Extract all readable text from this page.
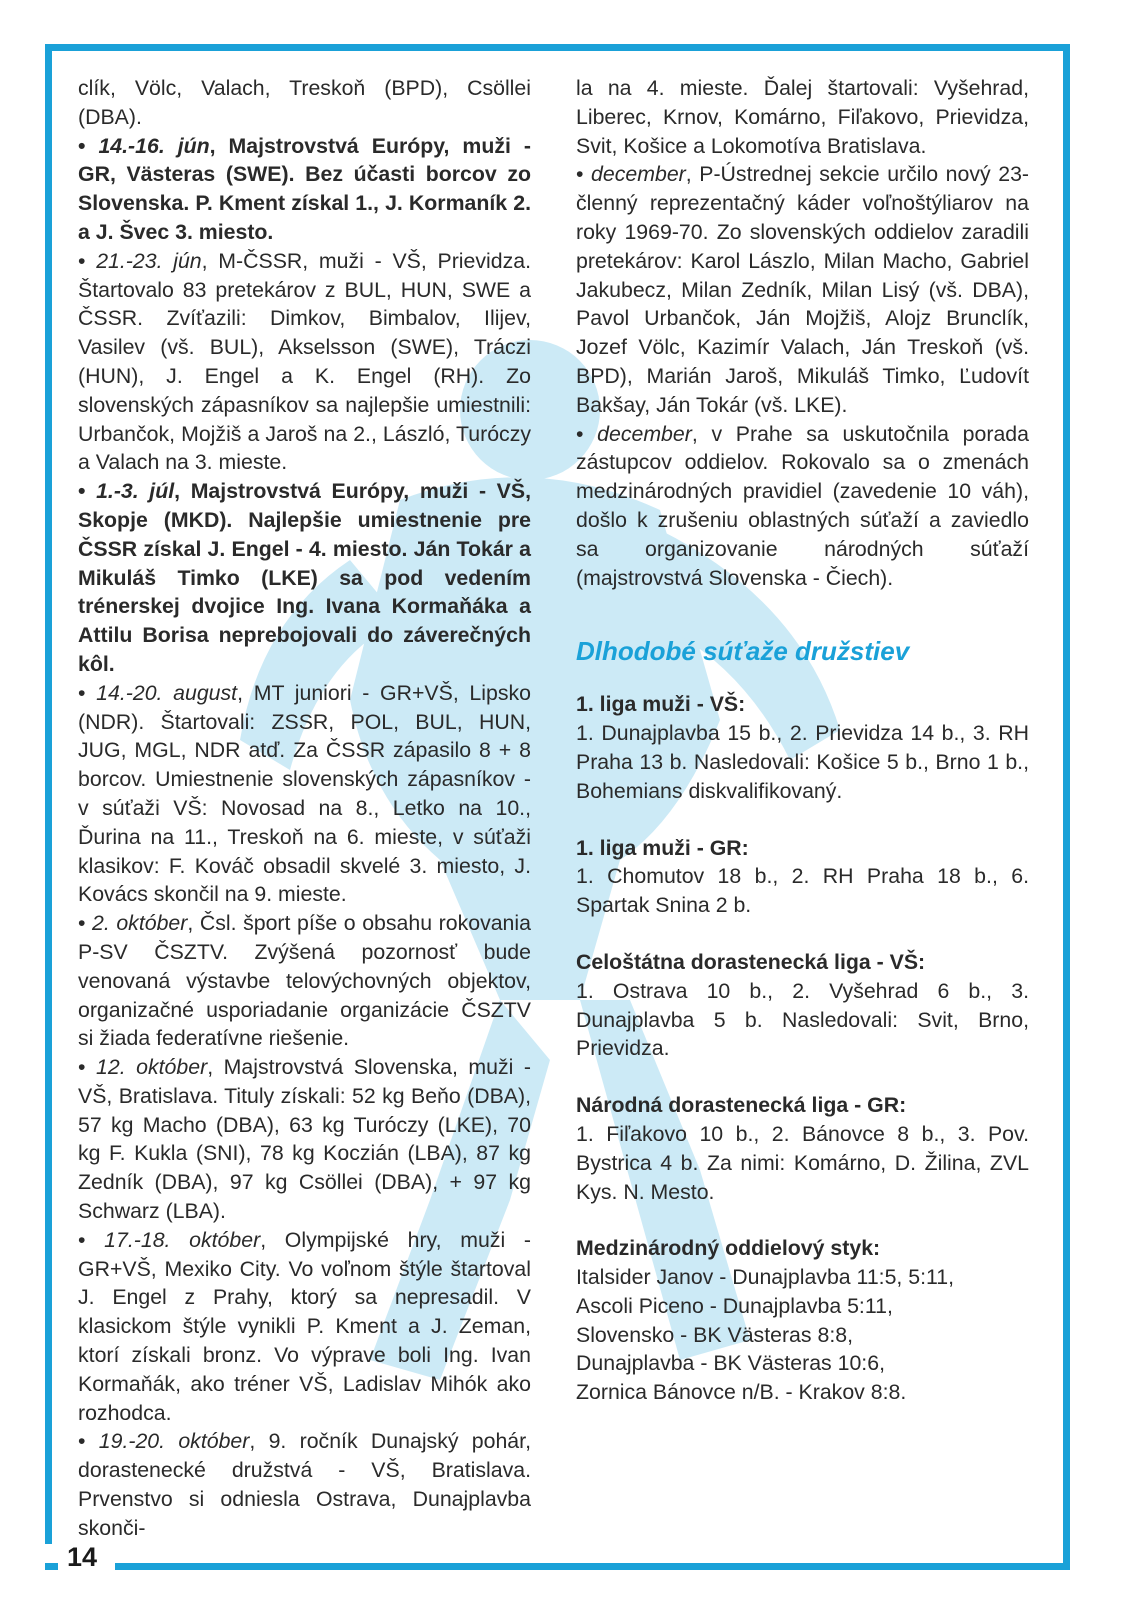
clík, Völc, Valach, Treskoň (BPD), Csöllei (DBA).

• 14.-16. jún, Majstrovstvá Európy, muži - GR, Västeras (SWE). Bez účasti borcov zo Slovenska. P. Kment získal 1., J. Kormaník 2. a J. Švec 3. miesto.

• 21.-23. jún, M-ČSSR, muži - VŠ, Prievidza. Štartovalo 83 pretekárov z BUL, HUN, SWE a ČSSR. Zvíťazili: Dimkov, Bimbalov, Ilijev, Vasilev (vš. BUL), Akselsson (SWE), Tráczi (HUN), J. Engel a K. Engel (RH). Zo slovenských zápasníkov sa najlepšie umiestnili: Urbančok, Mojžiš a Jaroš na 2., László, Turóczy a Valach na 3. mieste.

• 1.-3. júl, Majstrovstvá Európy, muži - VŠ, Skopje (MKD). Najlepšie umiestnenie pre ČSSR získal J. Engel - 4. miesto. Ján Tokár a Mikuláš Timko (LKE) sa pod vedením trénerskej dvojice Ing. Ivana Kormaňáka a Attilu Borisa neprebojovali do záverečných kôl.

• 14.-20. august, MT juniori - GR+VŠ, Lipsko (NDR). Štartovali: ZSSR, POL, BUL, HUN, JUG, MGL, NDR atď. Za ČSSR zápasilo 8 + 8 borcov. Umiestnenie slovenských zápasníkov - v súťaži VŠ: Novosad na 8., Letko na 10., Ďurina na 11., Treskoň na 6. mieste, v súťaži klasikov: F. Kováč obsadil skvelé 3. miesto, J. Kovács skončil na 9. mieste.

• 2. október, Čsl. šport píše o obsahu rokovania P-SV ČSZTV. Zvýšená pozornosť bude venovaná výstavbe telovýchovných objektov, organizačné usporiadanie organizácie ČSZTV si žiada federatívne riešenie.

• 12. október, Majstrovstvá Slovenska, muži - VŠ, Bratislava. Tituly získali: 52 kg Beňo (DBA), 57 kg Macho (DBA), 63 kg Turóczy (LKE), 70 kg F. Kukla (SNI), 78 kg Koczián (LBA), 87 kg Zedník (DBA), 97 kg Csöllei (DBA), + 97 kg Schwarz (LBA).

• 17.-18. október, Olympijské hry, muži - GR+VŠ, Mexiko City. Vo voľnom štýle štartoval J. Engel z Prahy, ktorý sa nepresadil. V klasickom štýle vynikli P. Kment a J. Zeman, ktorí získali bronz. Vo výprave boli Ing. Ivan Kormaňák, ako tréner VŠ, Ladislav Mihók ako rozhodca.

• 19.-20. október, 9. ročník Dunajský pohár, dorastenecké družstvá - VŠ, Bratislava. Prvenstvo si odniesla Ostrava, Dunajplavba skonči-

la na 4. mieste. Ďalej štartovali: Vyšehrad, Liberec, Krnov, Komárno, Fiľakovo, Prievidza, Svit, Košice a Lokomotíva Bratislava.

• december, P-Ústrednej sekcie určilo nový 23-členný reprezentačný káder voľnoštýliarov na roky 1969-70. Zo slovenských oddielov zaradili pretekárov: Karol Lászlo, Milan Macho, Gabriel Jakubecz, Milan Zedník, Milan Lisý (vš. DBA), Pavol Urbančok, Ján Mojžiš, Alojz Brunclík, Jozef Völc, Kazimír Valach, Ján Treskoň (vš. BPD), Marián Jaroš, Mikuláš Timko, Ľudovít Bakšay, Ján Tokár (vš. LKE).

• december, v Prahe sa uskutočnila porada zástupcov oddielov. Rokovalo sa o zmenách medzinárodných pravidiel (zavedenie 10 váh), došlo k zrušeniu oblastných súťaží a zaviedlo sa organizovanie národných súťaží (majstrovstvá Slovenska - Čiech).

Dlhodobé súťaže družstiev
1. liga muži - VŠ:

1. Dunajplavba 15 b., 2. Prievidza 14 b., 3. RH Praha 13 b. Nasledovali: Košice 5 b., Brno 1 b., Bohemians diskvalifikovaný.

1. liga muži - GR:

1. Chomutov 18 b., 2. RH Praha 18 b., 6. Spartak Snina 2 b.

Celoštátna dorastenecká liga - VŠ:

1. Ostrava 10 b., 2. Vyšehrad 6 b., 3. Dunajplavba 5 b. Nasledovali: Svit, Brno, Prievidza.

Národná dorastenecká liga - GR:

1. Fiľakovo 10 b., 2. Bánovce 8 b., 3. Pov. Bystrica 4 b. Za nimi: Komárno, D. Žilina, ZVL Kys. N. Mesto.

Medzinárodný oddielový styk:
Italsider Janov - Dunajplavba 11:5, 5:11,
Ascoli Piceno - Dunajplavba 5:11,
Slovensko - BK Västeras 8:8,
Dunajplavba - BK Västeras 10:6,
Zornica Bánovce n/B. - Krakov 8:8.
14
